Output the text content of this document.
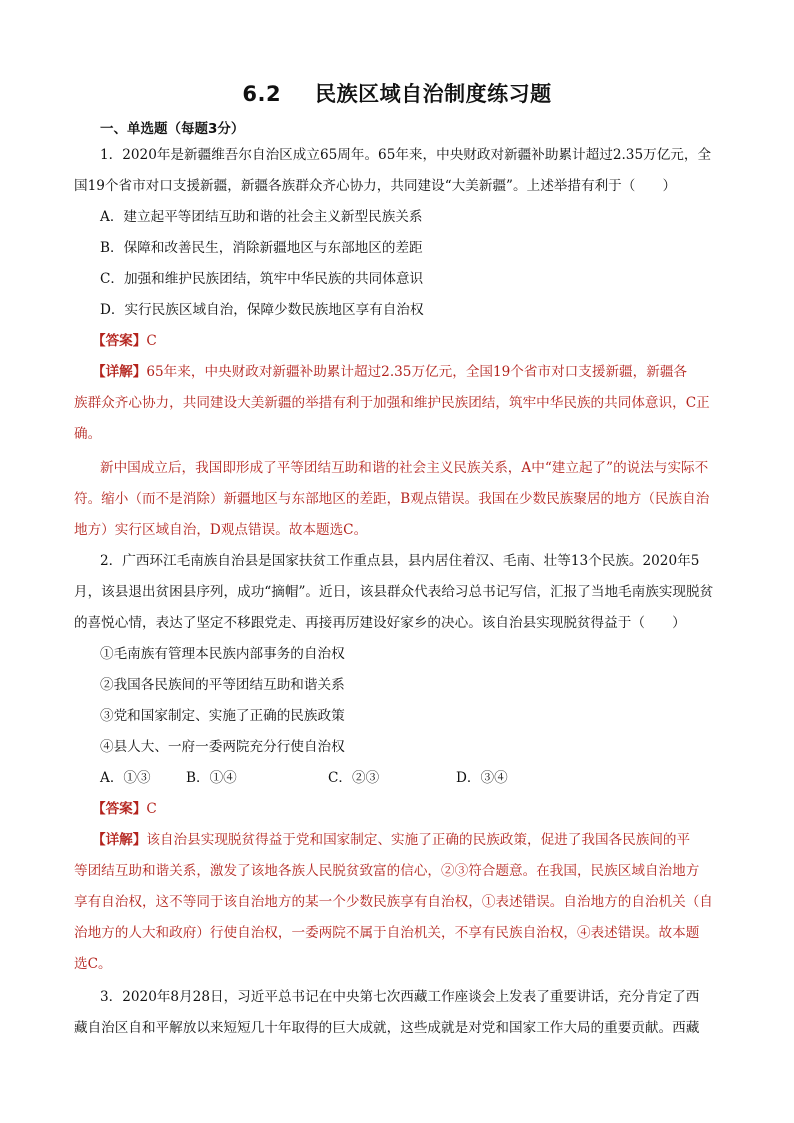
6.2 民族区域自治制度练习题
一、单选题（每题3分）
1．2020年是新疆维吾尔自治区成立65周年。65年来，中央财政对新疆补助累计超过2.35万亿元，全
国19个省市对口支援新疆，新疆各族群众齐心协力，共同建设“大美新疆”。上述举措有利于（　　）
A．建立起平等团结互助和谐的社会主义新型民族关系
B．保障和改善民生，消除新疆地区与东部地区的差距
C．加强和维护民族团结，筑牢中华民族的共同体意识
D．实行民族区域自治，保障少数民族地区享有自治权
【答案】C
【详解】65年来，中央财政对新疆补助累计超过2.35万亿元，全国19个省市对口支援新疆，新疆各
族群众齐心协力，共同建设大美新疆的举措有利于加强和维护民族团结，筑牢中华民族的共同体意识，C正
确。
新中国成立后，我国即形成了平等团结互助和谐的社会主义民族关系，A中“建立起了”的说法与实际不
符。缩小（而不是消除）新疆地区与东部地区的差距，B观点错误。我国在少数民族聚居的地方（民族自治
地方）实行区域自治，D观点错误。故本题选C。
2．广西环江毛南族自治县是国家扶贫工作重点县，县内居住着汉、毛南、壮等13个民族。2020年5
月，该县退出贫困县序列，成功“摘帽”。近日，该县群众代表给习总书记写信，汇报了当地毛南族实现脱贫
的喜悦心情，表达了坚定不移跟党走、再接再厉建设好家乡的决心。该自治县实现脱贫得益于（　　）
①毛南族有管理本民族内部事务的自治权
②我国各民族间的平等团结互助和谐关系
③党和国家制定、实施了正确的民族政策
④县人大、一府一委两院充分行使自治权
A．①③	B．①④	C．②③	D．③④
【答案】C
【详解】该自治县实现脱贫得益于党和国家制定、实施了正确的民族政策，促进了我国各民族间的平
等团结互助和谐关系，激发了该地各族人民脱贫致富的信心，②③符合题意。在我国，民族区域自治地方
享有自治权，这不等同于该自治地方的某一个少数民族享有自治权，①表述错误。自治地方的自治机关（自
治地方的人大和政府）行使自治权，一委两院不属于自治机关，不享有民族自治权，④表述错误。故本题
选C。
3．2020年8月28日，习近平总书记在中央第七次西藏工作座谈会上发表了重要讲话，充分肯定了西
藏自治区自和平解放以来短短几十年取得的巨大成就，这些成就是对党和国家工作大局的重要贡献。西藏
